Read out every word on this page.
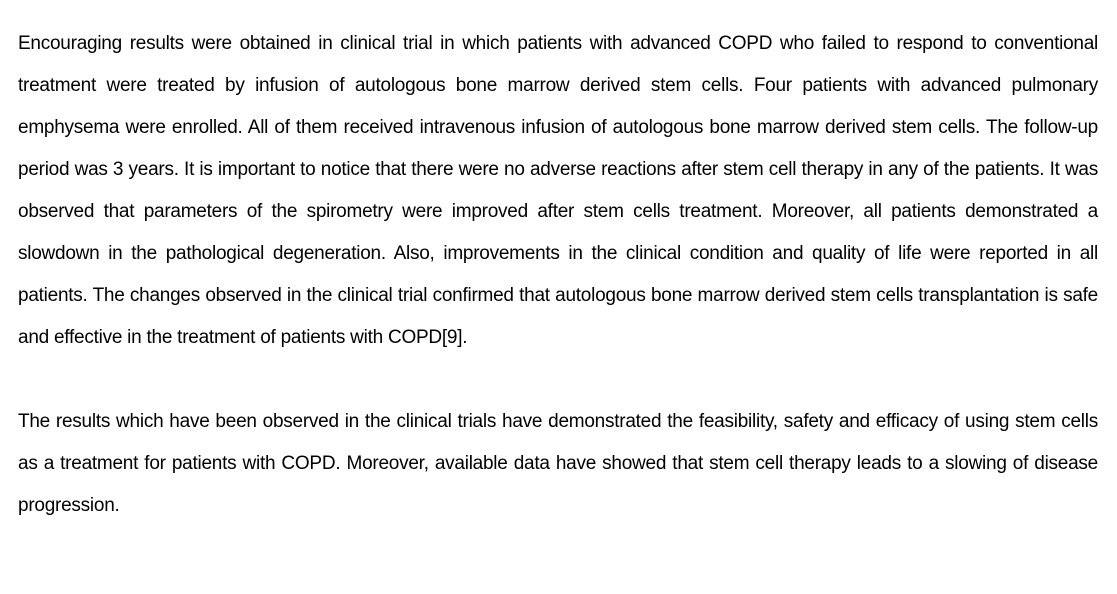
Encouraging results were obtained in clinical trial in which patients with advanced COPD who failed to respond to conventional treatment were treated by infusion of autologous bone marrow derived stem cells. Four patients with advanced pulmonary emphysema were enrolled. All of them received intravenous infusion of autologous bone marrow derived stem cells. The follow-up period was 3 years. It is important to notice that there were no adverse reactions after stem cell therapy in any of the patients. It was observed that parameters of the spirometry were improved after stem cells treatment. Moreover, all patients demonstrated a slowdown in the pathological degeneration. Also, improvements in the clinical condition and quality of life were reported in all patients. The changes observed in the clinical trial confirmed that autologous bone marrow derived stem cells transplantation is safe and effective in the treatment of patients with COPD[9].

The results which have been observed in the clinical trials have demonstrated the feasibility, safety and efficacy of using stem cells as a treatment for patients with COPD. Moreover, available data have showed that stem cell therapy leads to a slowing of disease progression.
